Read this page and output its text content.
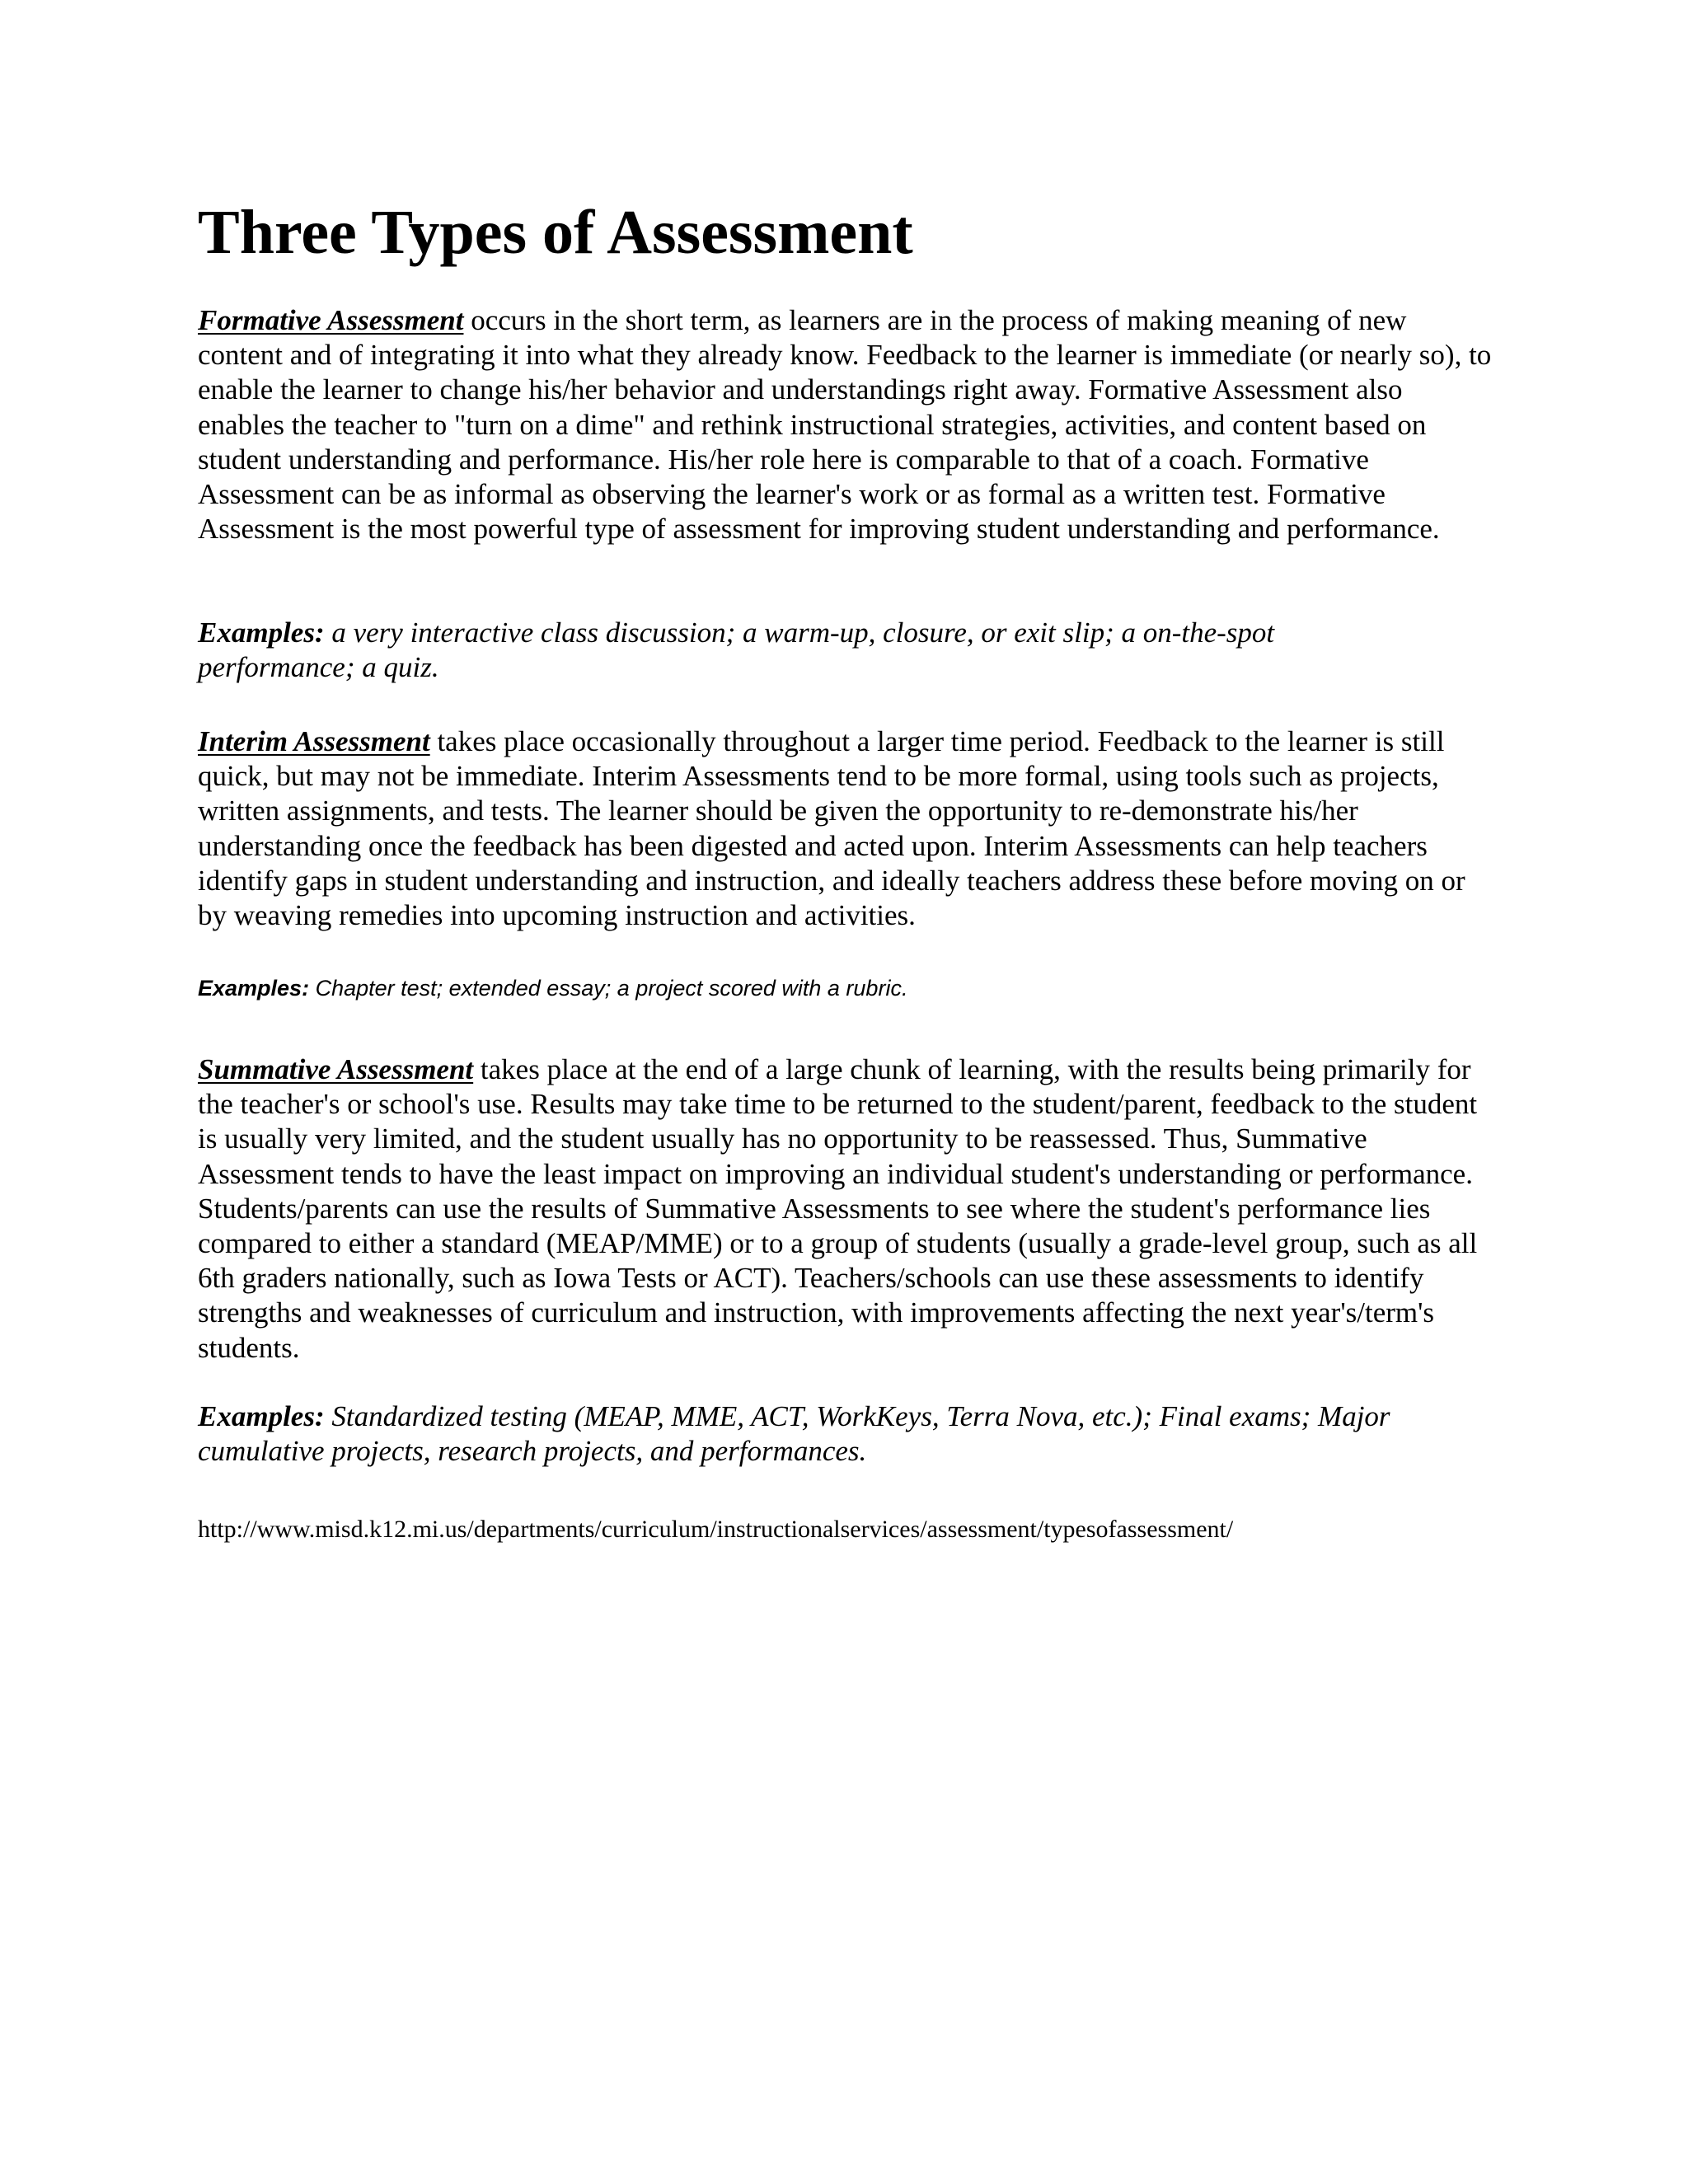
Three Types of Assessment

Formative Assessment occurs in the short term, as learners are in the process of making meaning of new content and of integrating it into what they already know. Feedback to the learner is immediate (or nearly so), to enable the learner to change his/her behavior and understandings right away. Formative Assessment also enables the teacher to "turn on a dime" and rethink instructional strategies, activities, and content based on student understanding and performance. His/her role here is comparable to that of a coach. Formative Assessment can be as informal as observing the learner's work or as formal as a written test. Formative Assessment is the most powerful type of assessment for improving student understanding and performance.

Examples: a very interactive class discussion; a warm-up, closure, or exit slip; a on-the-spot performance; a quiz.

Interim Assessment takes place occasionally throughout a larger time period. Feedback to the learner is still quick, but may not be immediate. Interim Assessments tend to be more formal, using tools such as projects, written assignments, and tests. The learner should be given the opportunity to re-demonstrate his/her understanding once the feedback has been digested and acted upon. Interim Assessments can help teachers identify gaps in student understanding and instruction, and ideally teachers address these before moving on or by weaving remedies into upcoming instruction and activities.

Examples: Chapter test; extended essay; a project scored with a rubric.

Summative Assessment takes place at the end of a large chunk of learning, with the results being primarily for the teacher's or school's use. Results may take time to be returned to the student/parent, feedback to the student is usually very limited, and the student usually has no opportunity to be reassessed. Thus, Summative Assessment tends to have the least impact on improving an individual student's understanding or performance. Students/parents can use the results of Summative Assessments to see where the student's performance lies compared to either a standard (MEAP/MME) or to a group of students (usually a grade-level group, such as all 6th graders nationally, such as Iowa Tests or ACT). Teachers/schools can use these assessments to identify strengths and weaknesses of curriculum and instruction, with improvements affecting the next year's/term's students.

Examples: Standardized testing (MEAP, MME, ACT, WorkKeys, Terra Nova, etc.); Final exams; Major cumulative projects, research projects, and performances.

http://www.misd.k12.mi.us/departments/curriculum/instructionalservices/assessment/typesofassessment/
